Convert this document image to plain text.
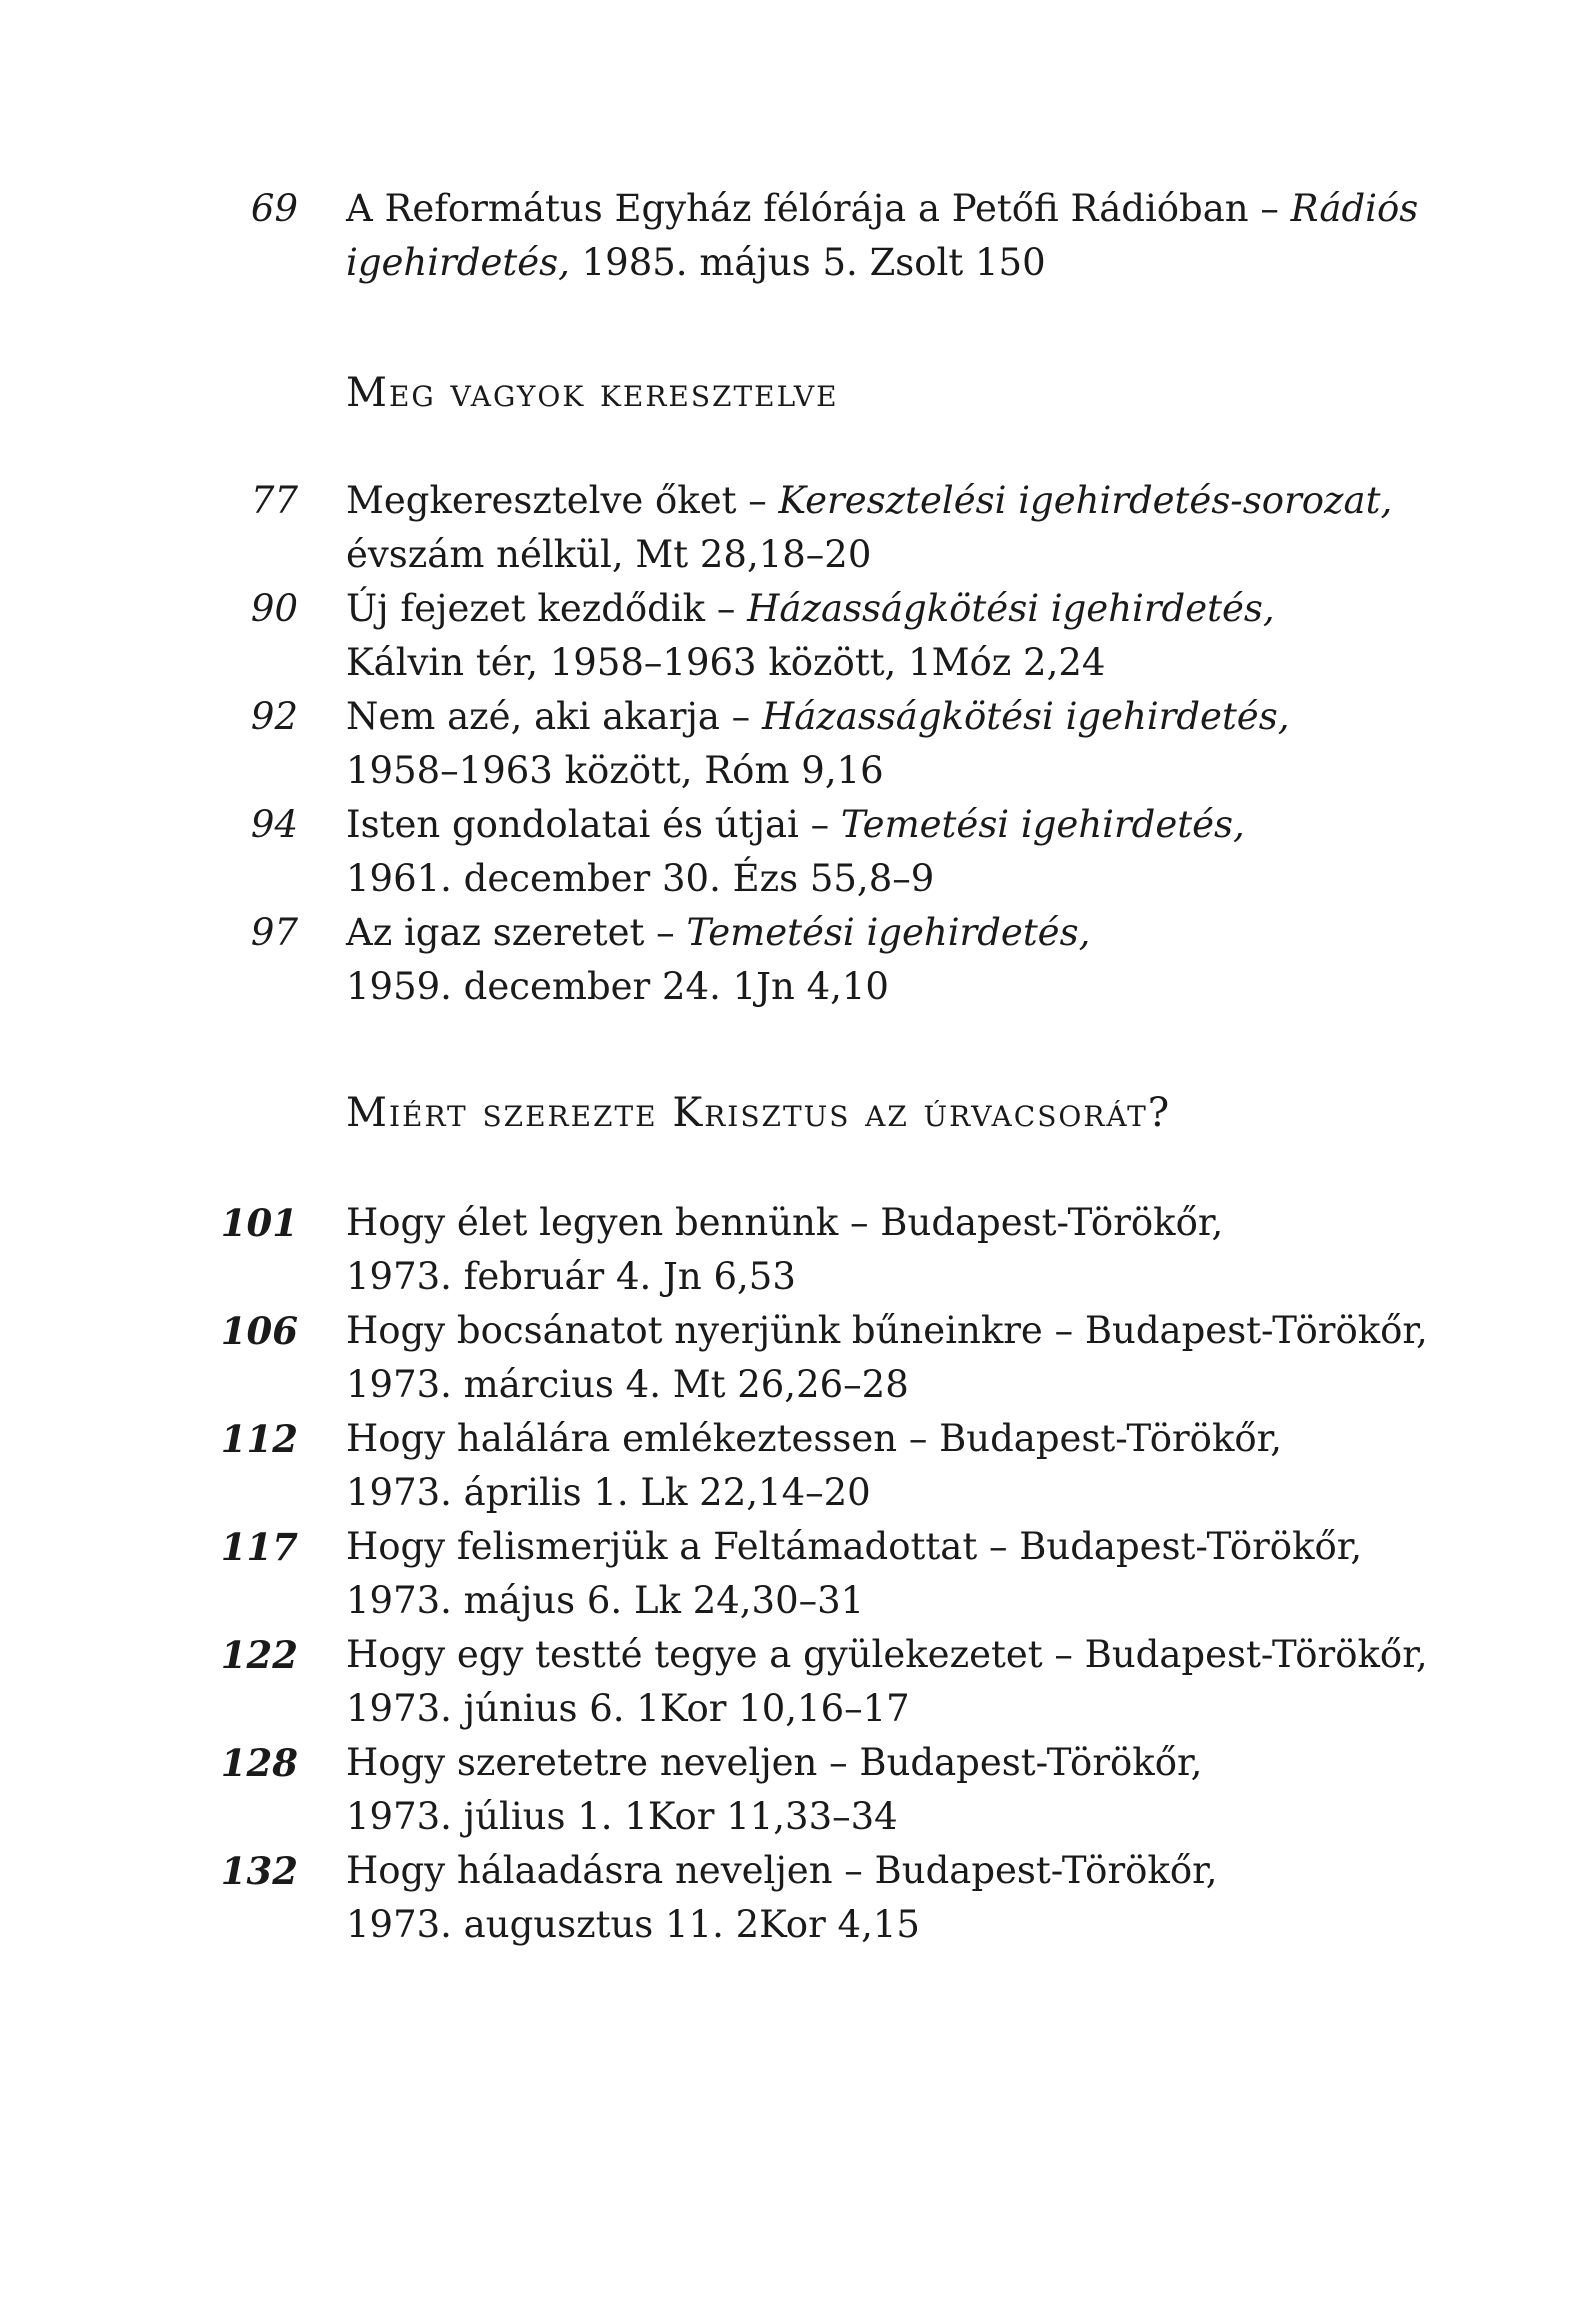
69 A Református Egyház félórája a Petőfi Rádióban – Rádiós
igehirdetés, 1985. május 5. Zsolt 150
Meg vagyok keresztelve
77 Megkeresztelve őket – Keresztelési igehirdetés-sorozat,
évszám nélkül, Mt 28,18–20
90 Új fejezet kezdődik – Házasságkötési igehirdetés,
Kálvin tér, 1958–1963 között, 1Móz 2,24
92 Nem azé, aki akarja – Házasságkötési igehirdetés,
1958–1963 között, Róm 9,16
94 Isten gondolatai és útjai – Temetési igehirdetés,
1961. december 30. Ézs 55,8–9
97 Az igaz szeretet – Temetési igehirdetés,
1959. december 24. 1Jn 4,10
Miért szerezte Krisztus az úrvacsorát?
101 Hogy élet legyen bennünk – Budapest-Törökőr,
1973. február 4. Jn 6,53
106 Hogy bocsánatot nyerjünk bűneinkre – Budapest-Törökőr,
1973. március 4. Mt 26,26–28
112 Hogy halálára emlékeztessen – Budapest-Törökőr,
1973. április 1. Lk 22,14–20
117 Hogy felismerjük a Feltámadottat – Budapest-Törökőr,
1973. május 6. Lk 24,30–31
122 Hogy egy testté tegye a gyülekezetet – Budapest-Törökőr,
1973. június 6. 1Kor 10,16–17
128 Hogy szeretetre neveljen – Budapest-Törökőr,
1973. július 1. 1Kor 11,33–34
132 Hogy hálaadásra neveljen – Budapest-Törökőr,
1973. augusztus 11. 2Kor 4,15
